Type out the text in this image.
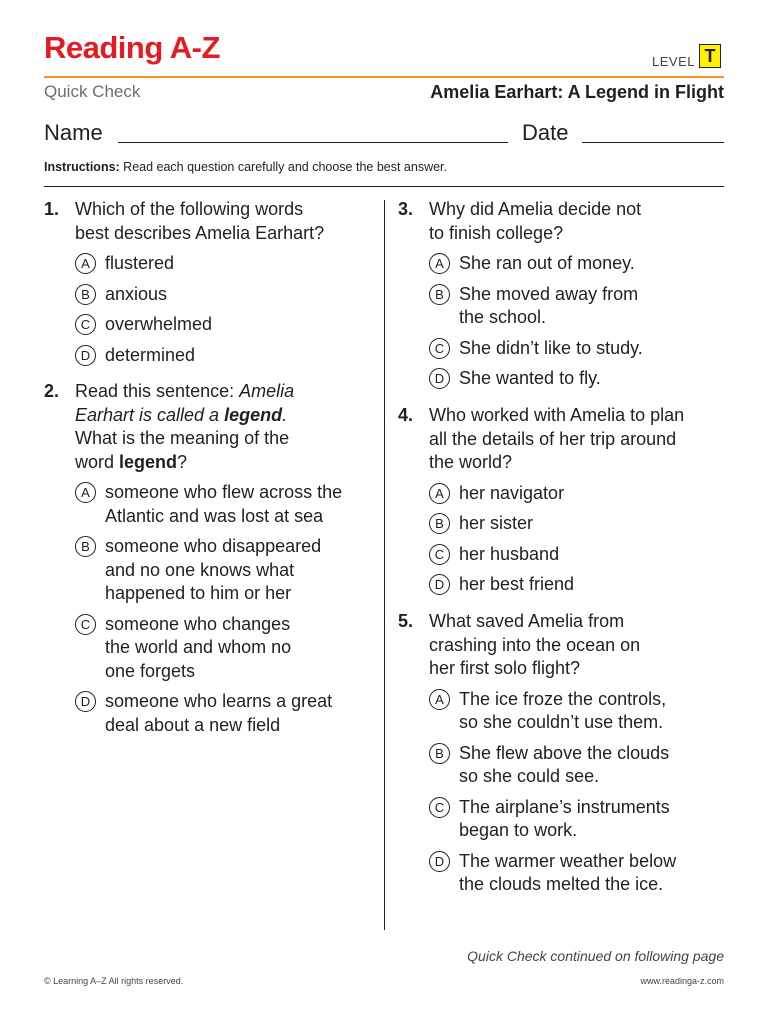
Reading A-Z	LEVEL T
Quick Check	Amelia Earhart: A Legend in Flight
Name	Date
Instructions: Read each question carefully and choose the best answer.
1. Which of the following words
best describes Amelia Earhart?
A flustered
B anxious
C overwhelmed
D determined
2. Read this sentence: Amelia
Earhart is called a legend.
What is the meaning of the
word legend?
A someone who flew across the
Atlantic and was lost at sea
B someone who disappeared
and no one knows what
happened to him or her
C someone who changes
the world and whom no
one forgets
D someone who learns a great
deal about a new field
3. Why did Amelia decide not
to finish college?
A She ran out of money.
B She moved away from
the school.
C She didn’t like to study.
D She wanted to fly.
4. Who worked with Amelia to plan
all the details of her trip around
the world?
A her navigator
B her sister
C her husband
D her best friend
5. What saved Amelia from
crashing into the ocean on
her first solo flight?
A The ice froze the controls,
so she couldn’t use them.
B She flew above the clouds
so she could see.
C The airplane’s instruments
began to work.
D The warmer weather below
the clouds melted the ice.
Quick Check continued on following page
© Learning A–Z All rights reserved.	www.readinga-z.com
